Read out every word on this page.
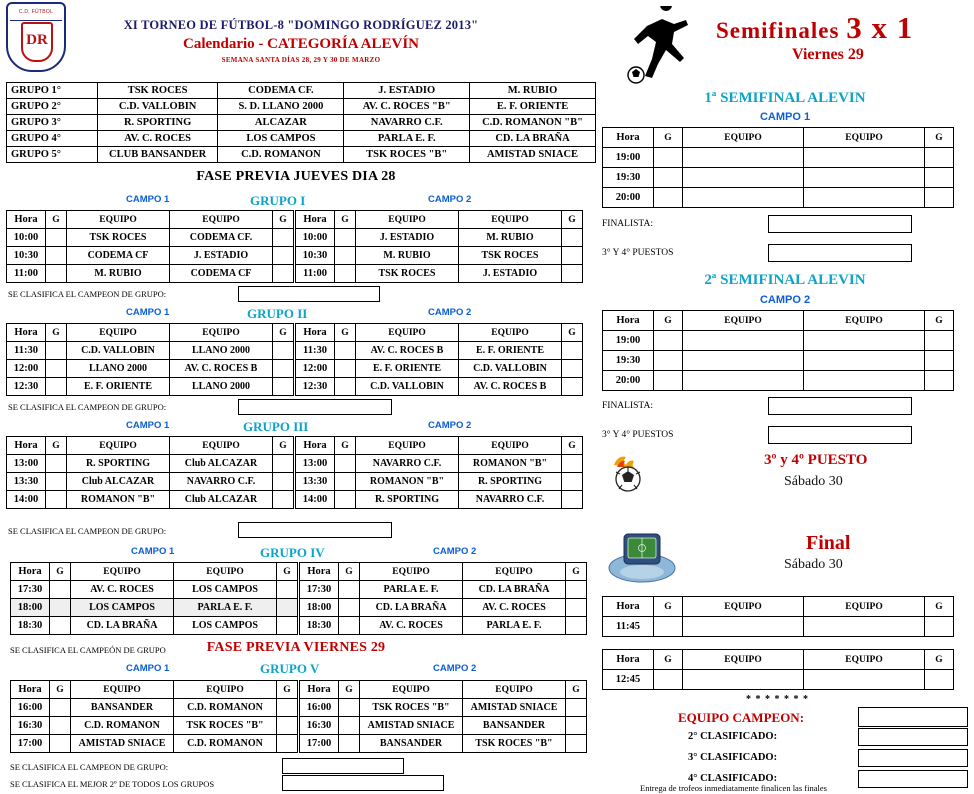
C.D. FÚTBOL
DR
XI TORNEO DE FÚTBOL-8 "DOMINGO RODRÍGUEZ 2013"
Calendario - CATEGORÍA ALEVÍN
SEMANA SANTA DÍAS 28, 29 Y 30 DE MARZO
GRUPO 1°	TSK ROCES	CODEMA CF.	J. ESTADIO	M. RUBIO
GRUPO 2°	C.D. VALLOBIN	S. D. LLANO 2000	AV. C. ROCES "B"	E. F. ORIENTE
GRUPO 3°	R. SPORTING	ALCAZAR	NAVARRO C.F.	C.D. ROMANON "B"
GRUPO 4°	AV. C. ROCES	LOS CAMPOS	PARLA E. F.	CD. LA BRAÑA
GRUPO 5°	CLUB BANSANDER	C.D. ROMANON	TSK ROCES "B"	AMISTAD SNIACE
FASE PREVIA JUEVES DIA 28
CAMPO 1	CAMPO 2
GRUPO I
Hora	G	EQUIPO	EQUIPO	G
10:00		TSK ROCES	CODEMA CF.	
10:30		CODEMA CF	J. ESTADIO	
11:00		M. RUBIO	CODEMA CF	
Hora	G	EQUIPO	EQUIPO	G
10:00		J. ESTADIO	M. RUBIO	
10:30		M. RUBIO	TSK ROCES	
11:00		TSK ROCES	J. ESTADIO	
SE CLASIFICA EL CAMPEON DE GRUPO:
CAMPO 1	CAMPO 2
GRUPO II
Hora	G	EQUIPO	EQUIPO	G
11:30		C.D. VALLOBIN	LLANO 2000	
12:00		LLANO 2000	AV. C. ROCES B	
12:30		E. F. ORIENTE	LLANO 2000	
Hora	G	EQUIPO	EQUIPO	G
11:30		AV. C. ROCES B	E. F. ORIENTE	
12:00		E. F. ORIENTE	C.D. VALLOBIN	
12:30		C.D. VALLOBIN	AV. C. ROCES B	
SE CLASIFICA EL CAMPEON DE GRUPO:
CAMPO 1	CAMPO 2
GRUPO III
Hora	G	EQUIPO	EQUIPO	G
13:00		R. SPORTING	Club ALCAZAR	
13:30		Club ALCAZAR	NAVARRO C.F.	
14:00		ROMANON "B"	Club ALCAZAR	
Hora	G	EQUIPO	EQUIPO	G
13:00		NAVARRO C.F.	ROMANON "B"	
13:30		ROMANON "B"	R. SPORTING	
14:00		R. SPORTING	NAVARRO C.F.	
SE CLASIFICA EL CAMPEON DE GRUPO:
CAMPO 1	CAMPO 2
GRUPO IV
Hora	G	EQUIPO	EQUIPO	G
17:30		AV. C. ROCES	LOS CAMPOS	
18:00		LOS CAMPOS	PARLA E. F.	
18:30		CD. LA BRAÑA	LOS CAMPOS	
Hora	G	EQUIPO	EQUIPO	G
17:30		PARLA E. F.	CD. LA BRAÑA	
18:00		CD. LA BRAÑA	AV. C. ROCES	
18:30		AV. C. ROCES	PARLA E. F.	
SE CLASIFICA EL CAMPEÓN DE GRUPO	FASE PREVIA VIERNES 29
CAMPO 1	CAMPO 2
GRUPO V
Hora	G	EQUIPO	EQUIPO	G
16:00		BANSANDER	C.D. ROMANON	
16:30		C.D. ROMANON	TSK ROCES "B"	
17:00		AMISTAD SNIACE	C.D. ROMANON	
Hora	G	EQUIPO	EQUIPO	G
16:00		TSK ROCES "B"	AMISTAD SNIACE	
16:30		AMISTAD SNIACE	BANSANDER	
17:00		BANSANDER	TSK ROCES "B"	
SE CLASIFICA EL CAMPEON DE GRUPO:
SE CLASIFICA EL MEJOR 2º DE TODOS LOS GRUPOS
Semifinales 3 x 1
Viernes 29
1ª SEMIFINAL ALEVIN
CAMPO 1
Hora	G	EQUIPO	EQUIPO	G
19:00				
19:30				
20:00				
FINALISTA:
3° Y 4° PUESTOS
2ª SEMIFINAL ALEVIN
CAMPO 2
Hora	G	EQUIPO	EQUIPO	G
19:00				
19:30				
20:00				
FINALISTA:
3° Y 4° PUESTOS
3º y 4º PUESTO
Sábado 30
Final
Sábado 30
Hora	G	EQUIPO	EQUIPO	G
11:45				
Hora	G	EQUIPO	EQUIPO	G
12:45				
* * * * * * *
EQUIPO CAMPEON:
2° CLASIFICADO:
3° CLASIFICADO:
4° CLASIFICADO:
Entrega de trofeos inmediatamente finalicen las finales
